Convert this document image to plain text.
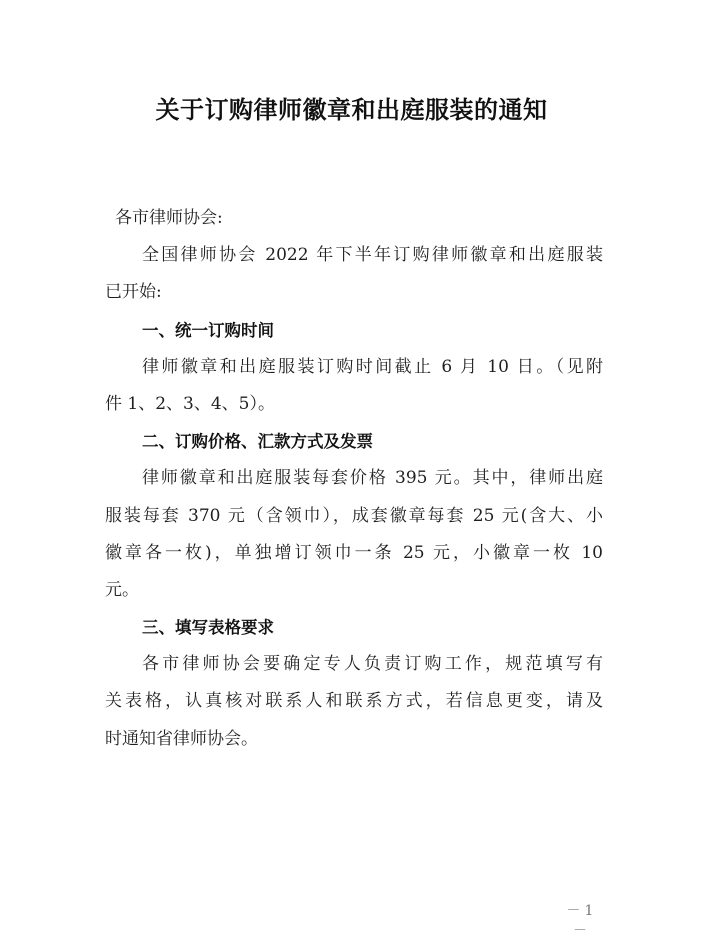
关于订购律师徽章和出庭服装的通知
各市律师协会:
全国律师协会 2022 年下半年订购律师徽章和出庭服装
已开始:
一、统一订购时间
律师徽章和出庭服装订购时间截止 6 月 10 日。（见附
件 1、2、3、4、5）。
二、订购价格、汇款方式及发票
律师徽章和出庭服装每套价格 395 元。其中，律师出庭
服装每套 370 元（含领巾），成套徽章每套 25 元(含大、小
徽章各一枚)，单独增订领巾一条 25 元，小徽章一枚 10
元。
三、填写表格要求
各市律师协会要确定专人负责订购工作，规范填写有
关表格，认真核对联系人和联系方式，若信息更变，请及
时通知省律师协会。
－1－
